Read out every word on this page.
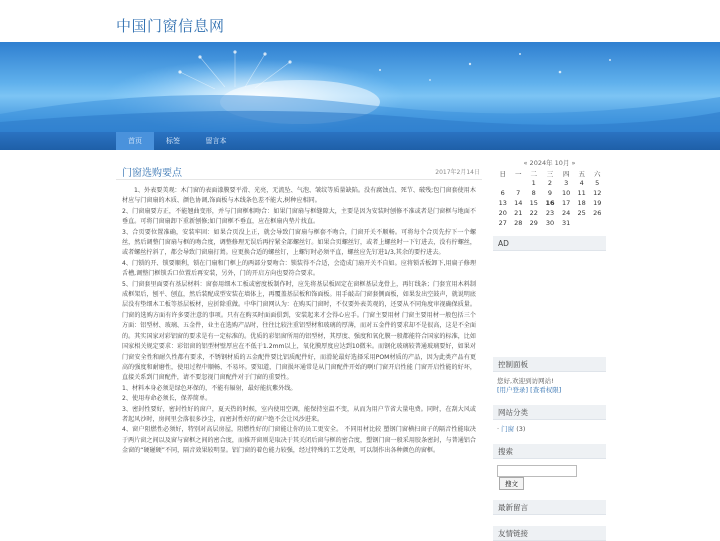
中国门窗信息网
首页	标签	留言本
门窗选购要点	2017年2月14日

1、外表要美观：木门窗的表面漆膜要平滑、光亮，无流坠、气泡、皱纹等质量缺陷。没有腐蚀点、死节、破残;包门窗套使用木材应与门窗扇的木质、颜色协调,饰面板与木线条色差不能大,树种应相同。

2、门窗扇要方正，不能翘曲变形，并与门窗框相吻合：如果门窗扇与框缝隙大，主要是因为安装时刨修不准或者是门窗框与地面不垂直。可将门窗扇卸下重新刨修;如门窗框不垂直，应在框扇内垫片找直。

3、合页要位置准确，安装牢固：如果合页没上正，就会导致门窗扇与框套不吻合，门窗开关不顺畅。可将每个合页先拧下一个螺丝，然后调整门窗扇与框的吻合度，调整修理无误后再拧紧全部螺丝钉。如果合页螺丝钉，或者上螺丝时一下钉进去，没有拧螺丝，或者螺丝拧斜了，都会导致门窗扇打蔫。应更换合适的螺丝钉，上螺钉时必须平直，螺丝应先钉进1/3,其余的要拧进去。

4、门锁的开、锁要顺利，锁在门扇和门框上的两部分要吻合：锁装得不合适，会造成门扇开关不自如。应将锁舌板卸下,用扁子修理舌槽,调整门框锁舌口位置后再安装，另外，门的开启方向也要符合要求。

5、门窗套里面要有基层材料：窗套用细木工板或密度板制作时，应先将基层板固定在窗框基层龙骨上，再钉线条；门套宜用木料制成框架后，刨平、刨直，然后装配成型安装在墙体上，再覆盖基层板和饰面板。用手敲击门窗套侧面板，如果发出空鼓声，就说明底层没有垫细木工板等基层板材，应折除重做。中华门窗网认为：在购买门窗时，不仅要外表美观的，还要从不同角度审视确保质量。门窗的选购方面有许多要注意的事项。只有在购买时面面俱到，安装起来才会得心应手。门窗主要用材 门窗主要用材一般包括三个方面：铝型材、玻璃、五金件，业主在选购产品时，往往比较注重铝型材和玻璃的厚薄，而对五金件的要求却不是很高，这是不全面的。其实国家对彩铝窗的要求是有一定标准的。优质的彩铝窗所用的铝型材，其厚度、强度和氧化膜一般都能符合国家的标准，比如国家相关规定要求：彩铝窗的铝型材壁厚应在不低于1.2mm以上，氧化膜厚度应达到10微米。而钢化玻璃较普通玻璃要好，如果对门窗安全性和耐久性都有要求，不锈钢材质的五金配件要比铝质配件好，而滑轮最好选择采用POM材质的产品，因为此类产品有更高的强度和耐磨性，使用过程中顺畅、不易坏。要知道，门窗损坏通常是从门窗配件开始的啊!门窗开启性能 门窗开启性能的好坏，直接关系到门窗配件，请不要忽视门窗配件对于门窗的重要性。

1、材料本身必须是绿色环保的，不能有辐射，最好能抗紫外线。

2、使用寿命必须长，保养简单。

3、密封性要好，密封性好的窗户，夏天热的时候，室内使用空调，能保持室温不变，从而为用户节省大量电费。同时，在刮大风或者起风沙时，房间里会落很多沙尘，而密封性好的窗户绝不会让风沙进来。

4、窗户阻燃性必须好，特别对高层房屋，阻燃性好的门窗能让你的员工更安全。 不同用材比较 塑钢门窗横扫窗子的隔音性能取决于两片窗之间以及窗与窗框之间的密合度，而推开窗则是取决于其关闭后窗与框的密合度，塑钢门窗一般采用胶条密封，与普通铝合金窗的“硬碰硬”不同，隔音效果较明显。铝门窗的着色能力较强，经过特殊的工艺处理，可以制作出各种颜色的窗框。

« 2024年 10月 »
日	一	二	三	四	五	六
		1	2	3	4	5
6	7	8	9	10	11	12
13	14	15	16	17	18	19
20	21	22	23	24	25	26
27	28	29	30	31		
AD
控制面板
您好,欢迎到访网站!
[用户登录] [查看权限]
网站分类
· 门窗 (3)
搜索
搜文
最新留言
友情链接
